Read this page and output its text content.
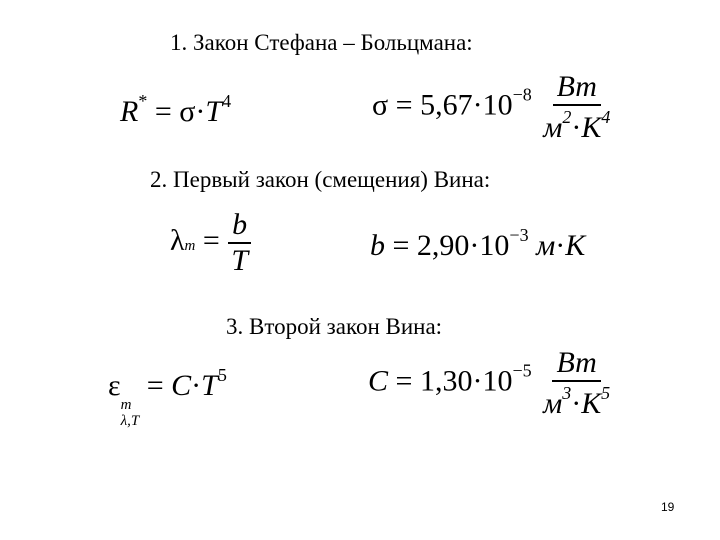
1. Закон Стефана – Больцмана:
2. Первый закон (смещения) Вина:
3. Второй закон Вина:
$R^* = \sigma\cdot T^4$	$\sigma = 5,67\cdot 10^{-8} \frac{Вт}{м^2\cdot К^4}$
$\lambda m = \frac{b}{T}$	$b = 2,90\cdot 10^{-3}$ м·К
ε
m
λ,T
= $C\cdot T^5$	$C = 1,30\cdot 10^{-5} \frac{Вт}{м^3\cdot К^5}$
19
